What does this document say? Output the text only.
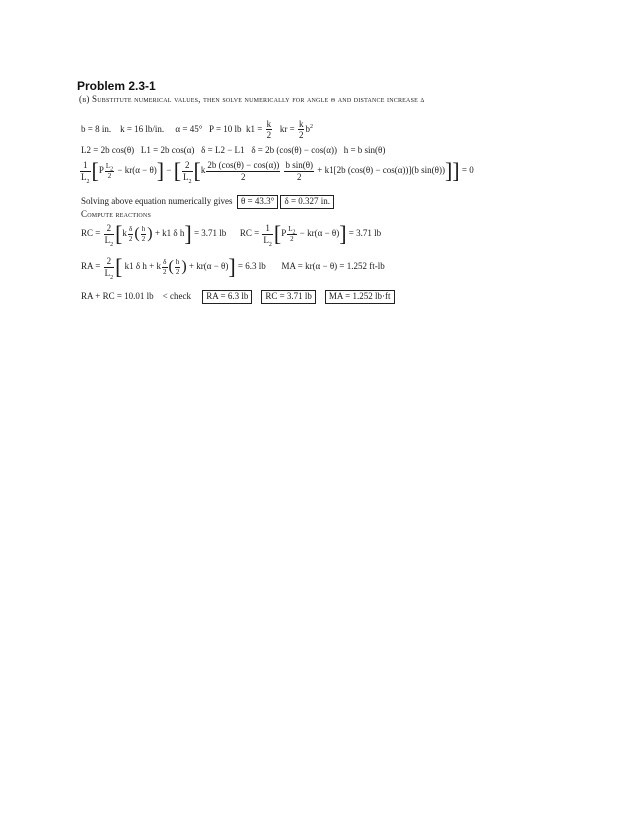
Problem 2.3-1
(b) Substitute numerical values, then solve numerically for angle θ and distance increase δ
b = 8 in. k = 16 lb/in. α = 45° P = 10 lb $k1 = \frac{k}{2}$ kr = $\frac{k}{2} b^2$
L2 = 2b cos(θ) L1 = 2b cos(α) δ = L2 − L1 δ = 2b (cos(θ) − cos(α)) h = b sin(θ)
$\frac{1}{L_2} [P \frac{L_2}{2} - kr(\alpha - \theta)]$ − [ $\frac{2}{L_2} [k \frac{2b (\cos(\theta) - \cos(\alpha))}{2}$
$\frac{\text{b sin(θ)}}{2} + k1[2b$ (cos(θ) − cos(α))](b sin(θ))]] = 0
Solving above equation numerically gives θ = 43.3° δ = 0.327 in.
Compute reactions
RC = $\frac{2}{L_2} [k \frac{\delta}{2}$ ( $\frac{h}{2}$ ) + k1 δ h] = 3.71 lb RC = $\frac{1}{L_2} [P \frac{L_2}{2} - kr(\alpha - \theta)] = 3.71$ lb
RA = $\frac{2}{L_2}$ [ k1 δ h + k $\frac{\delta}{2}$ ( $\frac{h}{2}$ ) + kr(α − θ)] = 6.3 lb MA = kr(α − θ) = 1.252 ft-lb
RA + RC = 10.01 lb < check RA = 6.3 lb RC = 3.71 lb MA = 1.252 lb·ft
